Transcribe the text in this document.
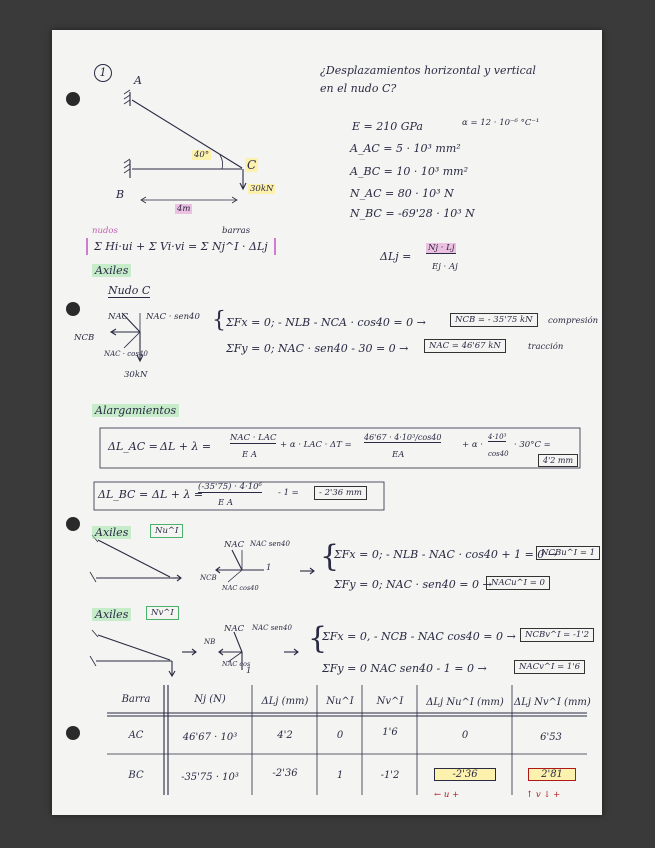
1
A
B
C
40°
30kN
4m
¿Desplazamientos horizontal y vertical
en el nudo C?
E = 210 GPa	α = 12 · 10⁻⁶ °C⁻¹
A_AC = 5 · 10³ mm²
A_BC = 10 · 10³ mm²
N_AC = 80 · 10³ N
N_BC = -69'28 · 10³ N
nudos	barras
Σ Hi·ui + Σ Vi·vi = Σ Nj^I · ΔLj
ΔLj =
Nj · Lj
Ej · Aj
Axiles
Nudo C
NAC NAC · sen40
NCB
NAC · cos40
30kN
{ ΣFx = 0; - NLB - NCA · cos40 = 0 →	NCB = - 35'75 kN	compresión
ΣFy = 0; NAC · sen40 - 30 = 0 →	NAC = 46'67 kN	tracción
Alargamientos
ΔL_AC = ΔL + λ =
NAC · LAC
E A
+ α · LAC · ΔT =
46'67 · 4·10³/cos40
EA
+ α ·
4·10³
cos40
· 30°C =
4'2 mm
ΔL_BC = ΔL + λ =
(-35'75) · 4·10⁶
E A
- 1 =	- 2'36 mm
Axiles	Nu^I
NAC NAC sen40
NCB
NAC cos40
1 {
ΣFx = 0; - NLB - NAC · cos40 + 1 = 0 →
NCBu^I = 1
ΣFy = 0; NAC · sen40 = 0 → NACu^I = 0
Axiles	Nv^I
NAC NAC sen40
NB
NAC cos
1
{
ΣFx = 0, - NCB - NAC cos40 = 0 →	NCBv^I = -1'2
ΣFy = 0 NAC sen40 - 1 = 0 →	NACv^I = 1'6
Barra	Nj (N)	ΔLj (mm)	Nu^I	Nv^I	ΔLj Nu^I (mm)	ΔLj Nv^I (mm)
AC	46'67 · 10³	4'2	0	1'6	0	6'53
BC	-35'75 · 10³	-2'36	1	-1'2	-2'36	2'81
← u +	↑ v ↓ +
